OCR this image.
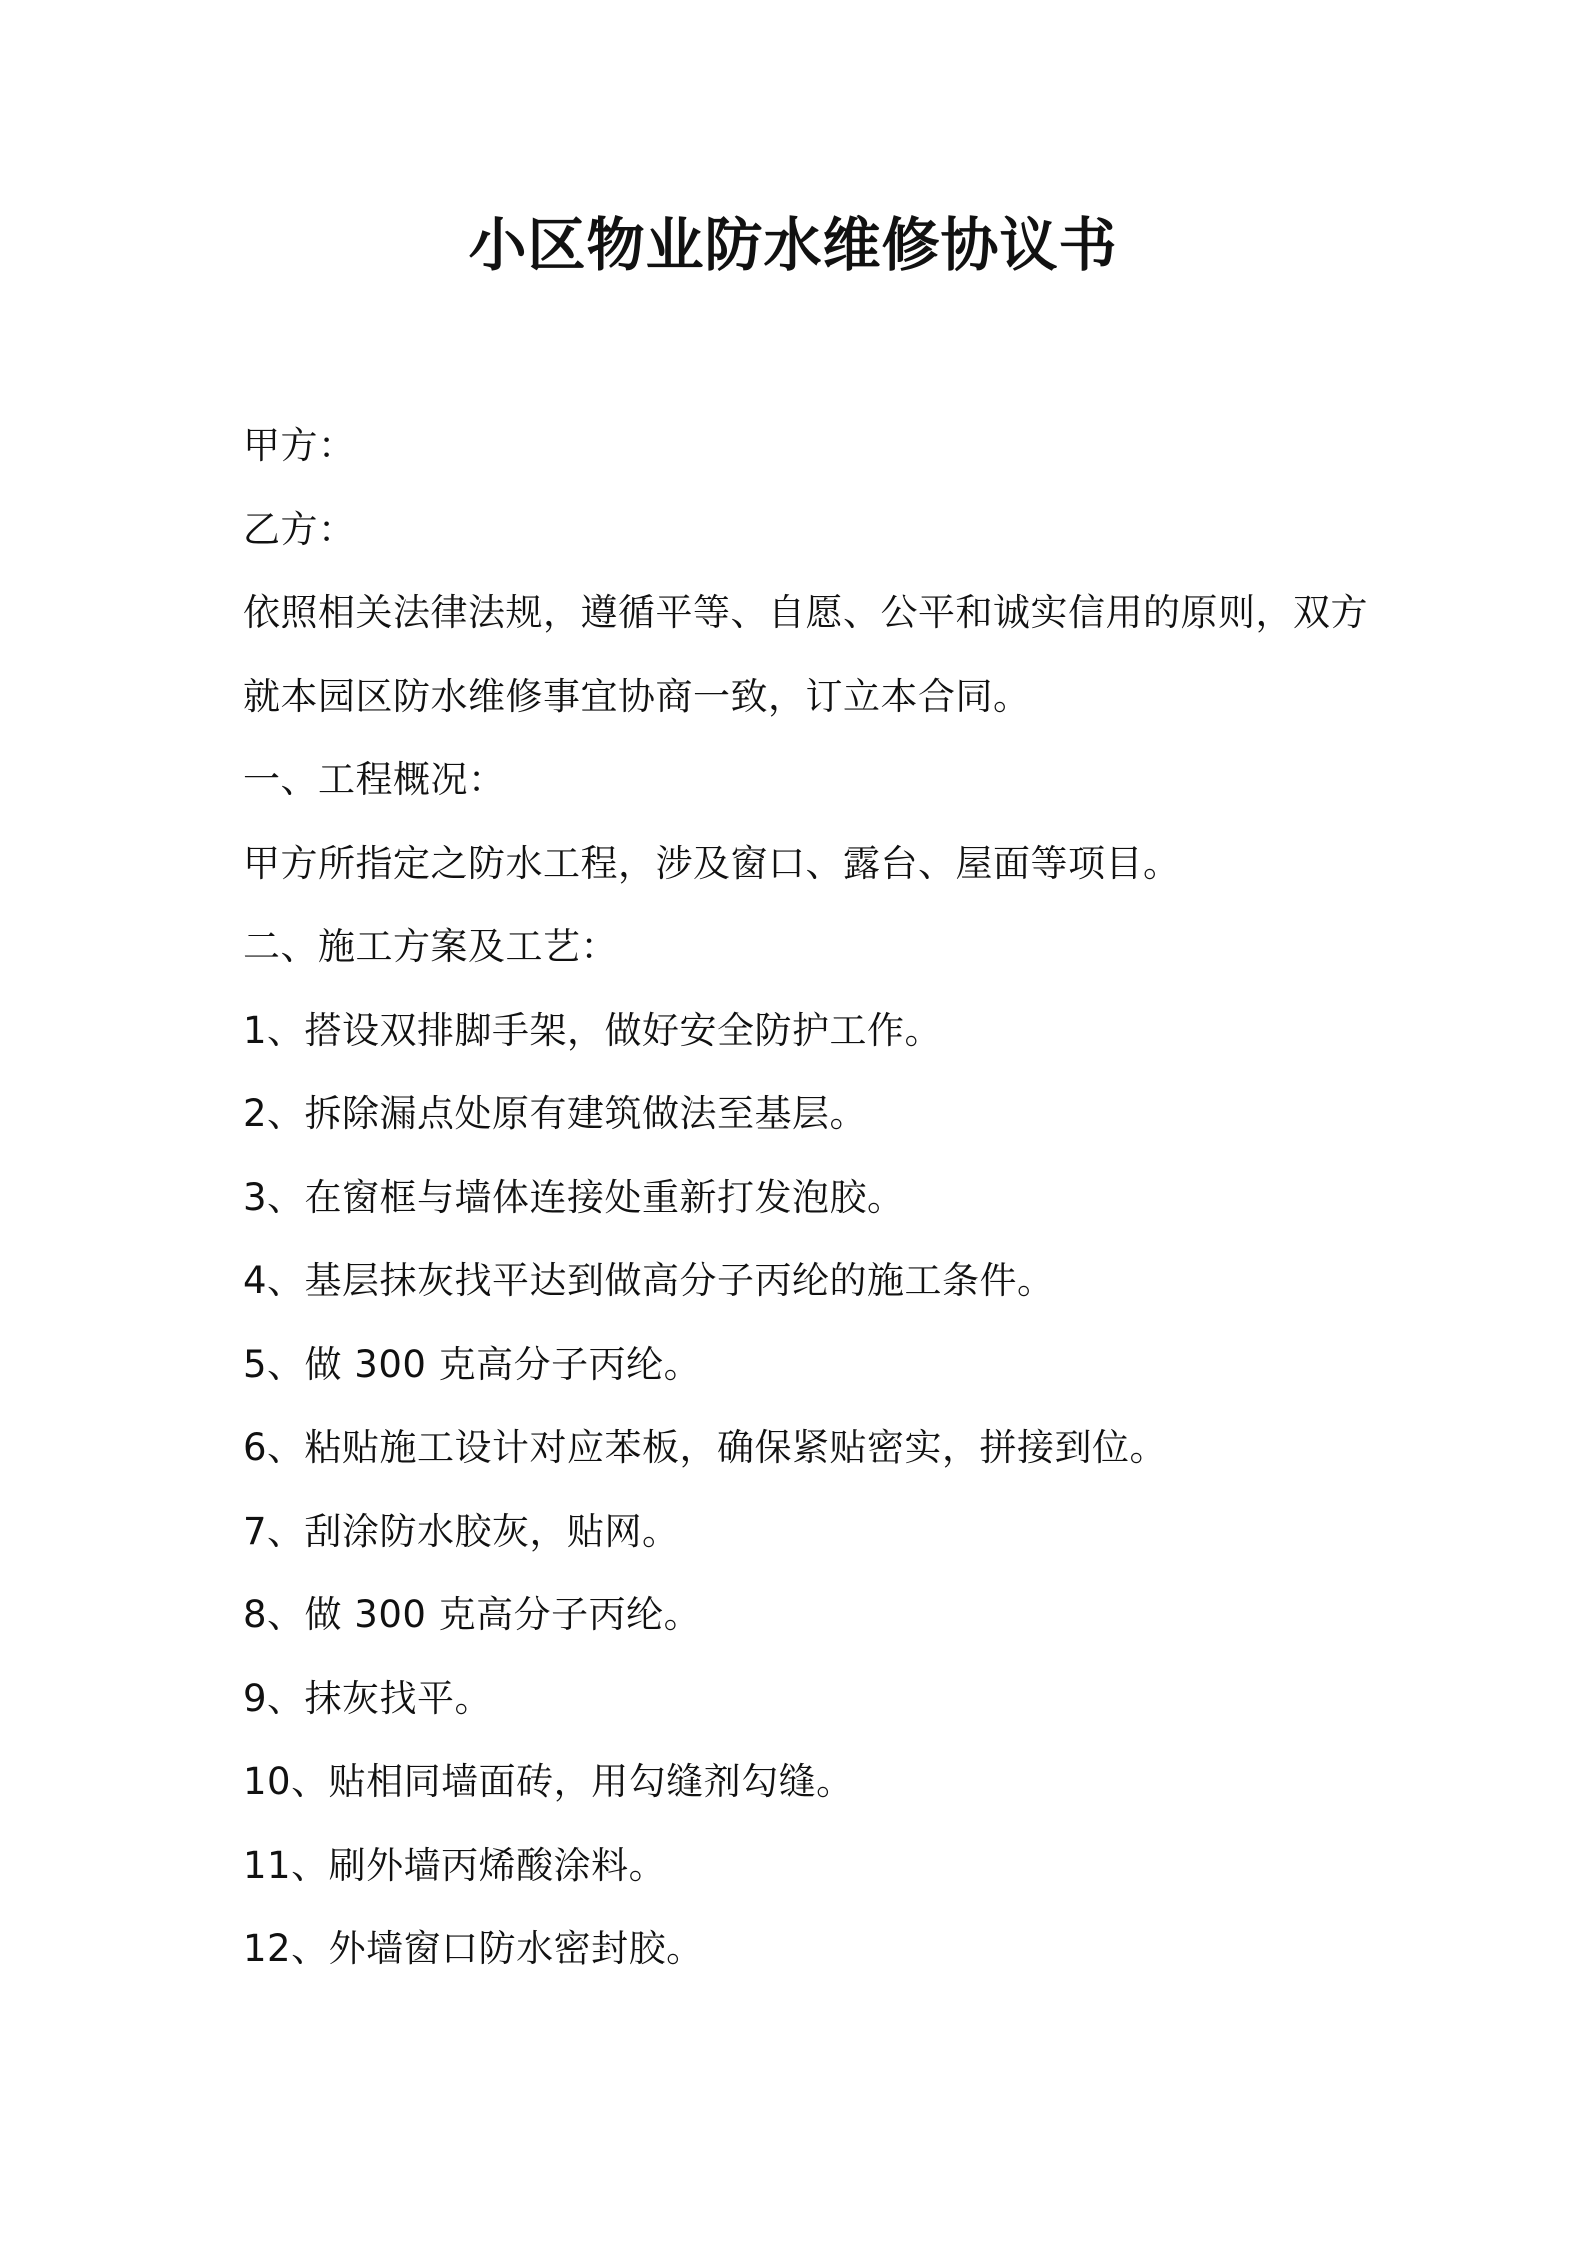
小区物业防水维修协议书

甲方：

乙方：

依照相关法律法规，遵循平等、自愿、公平和诚实信用的原则，双方

就本园区防水维修事宜协商一致，订立本合同。

一、工程概况：

甲方所指定之防水工程，涉及窗口、露台、屋面等项目。

二、施工方案及工艺：

1、搭设双排脚手架，做好安全防护工作。

2、拆除漏点处原有建筑做法至基层。

3、在窗框与墙体连接处重新打发泡胶。

4、基层抹灰找平达到做高分子丙纶的施工条件。

5、做 300 克高分子丙纶。

6、粘贴施工设计对应苯板，确保紧贴密实，拼接到位。

7、刮涂防水胶灰，贴网。

8、做 300 克高分子丙纶。

9、抹灰找平。

10、贴相同墙面砖，用勾缝剂勾缝。

11、刷外墙丙烯酸涂料。

12、外墙窗口防水密封胶。
